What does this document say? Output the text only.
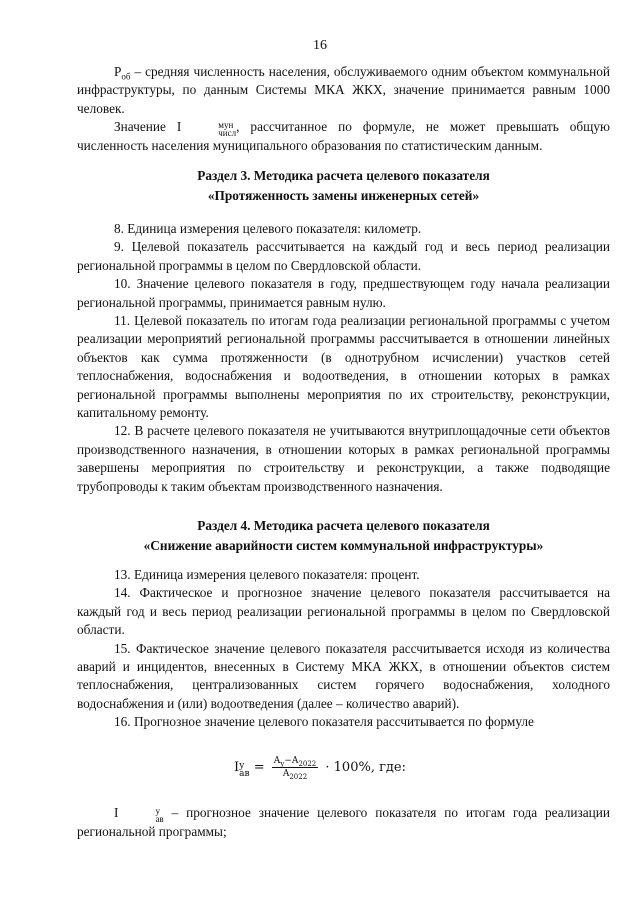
16

$P_{об}$ – средняя численность населения, обслуживаемого одним объектом коммунальной инфраструктуры, по данным Системы МКА ЖКХ, значение принимается равным 1000 человек.

Значение I	мун
числ , рассчитанное по формуле, не может превышать общую численность населения муниципального образования по статистическим данным.

Раздел 3. Методика расчета целевого показателя

«Протяженность замены инженерных сетей»

8. Единица измерения целевого показателя: километр.

9. Целевой показатель рассчитывается на каждый год и весь период реализации региональной программы в целом по Свердловской области.

10. Значение целевого показателя в году, предшествующем году начала реализации региональной программы, принимается равным нулю.

11. Целевой показатель по итогам года реализации региональной программы с учетом реализации мероприятий региональной программы рассчитывается в отношении линейных объектов как сумма протяженности (в однотрубном исчислении) участков сетей теплоснабжения, водоснабжения и водоотведения, в отношении которых в рамках региональной программы выполнены мероприятия по их строительству, реконструкции, капитальному ремонту.

12. В расчете целевого показателя не учитываются внутриплощадочные сети объектов производственного назначения, в отношении которых в рамках региональной программы завершены мероприятия по строительству и реконструкции, а также подводящие трубопроводы к таким объектам производственного назначения.

Раздел 4. Методика расчета целевого показателя

«Снижение аварийности систем коммунальной инфраструктуры»

13. Единица измерения целевого показателя: процент.

14. Фактическое и прогнозное значение целевого показателя рассчитывается на каждый год и весь период реализации региональной программы в целом по Свердловской области.

15. Фактическое значение целевого показателя рассчитывается исходя из количества аварий и инцидентов, внесенных в Систему МКА ЖКХ, в отношении объектов систем теплоснабжения, централизованных систем горячего водоснабжения, холодного водоснабжения и (или) водоотведения (далее – количество аварий).

16. Прогнозное значение целевого показателя рассчитывается по формуле

I у
ав = $\frac{A_у-A_{2022}}{A_{2022}} \cdot 100\%$, где:

I	у
ав – прогнозное значение целевого показателя по итогам года реализации региональной программы;
